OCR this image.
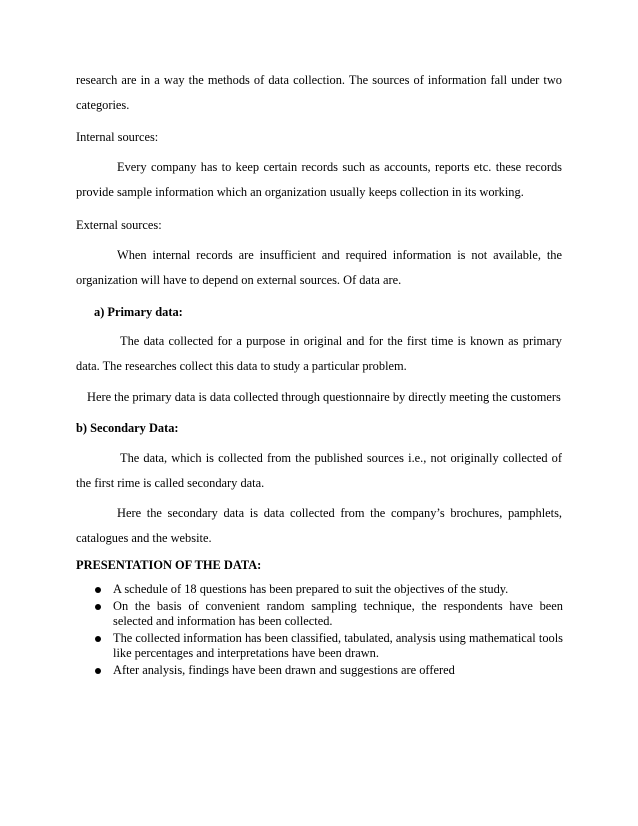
research are in a way the methods of data collection. The sources of information fall under two
categories.
Internal sources:
Every company has to keep certain records such as accounts, reports etc. these records
provide sample information which an organization usually keeps collection in its working.
External sources:
When internal records are insufficient and required information is not available, the
organization will have to depend on external sources. Of data are.
a) Primary data:
The data collected for a purpose in original and for the first time is known as primary
data. The researches collect this data to study a particular problem.
Here the primary data is data collected through questionnaire by directly meeting the customers
b) Secondary Data:
The data, which is collected from the published sources i.e., not originally collected of
the first rime is called secondary data.
Here the secondary data is data collected from the company’s brochures, pamphlets,
catalogues and the website.
PRESENTATION OF THE DATA:
A schedule of 18 questions has been prepared to suit the objectives of the study.
On the basis of convenient random sampling technique, the respondents have been selected and information has been collected.
The collected information has been classified, tabulated, analysis using mathematical tools like percentages and interpretations have been drawn.
After analysis, findings have been drawn and suggestions are offered
